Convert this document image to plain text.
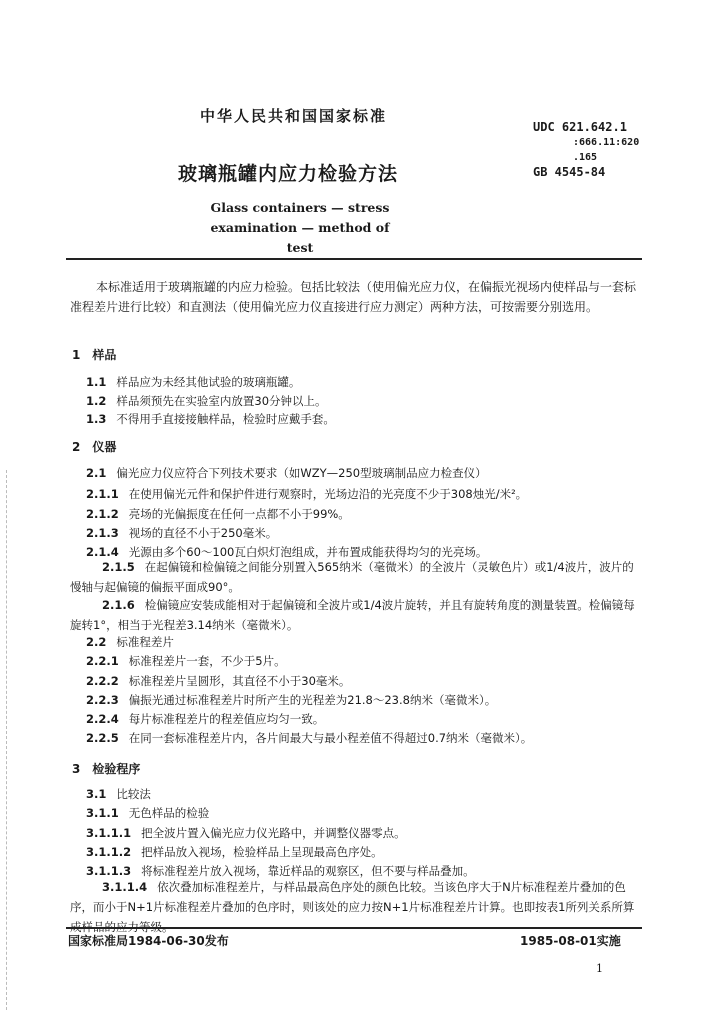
中华人民共和国国家标准
UDC 621.642.1
:666.11:620
.165
GB 4545-84
玻璃瓶罐内应力检验方法
Glass containers — stress
examination — method of test
本标准适用于玻璃瓶罐的内应力检验。包括比较法（使用偏光应力仪，在偏振光视场内使样品与一套标准程差片进行比较）和直测法（使用偏光应力仪直接进行应力测定）两种方法，可按需要分别选用。
1　样品
1.1 样品应为未经其他试验的玻璃瓶罐。
1.2 样品须预先在实验室内放置30分钟以上。
1.3 不得用手直接接触样品，检验时应戴手套。
2　仪器
2.1 偏光应力仪应符合下列技术要求（如WZY—250型玻璃制品应力检查仪）
2.1.1 在使用偏光元件和保护件进行观察时，光场边沿的光亮度不少于308烛光/米²。
2.1.2 亮场的光偏振度在任何一点都不小于99%。
2.1.3 视场的直径不小于250毫米。
2.1.4 光源由多个60～100瓦白炽灯泡组成，并布置成能获得均匀的光亮场。
2.1.5 在起偏镜和检偏镜之间能分别置入565纳米（毫微米）的全波片（灵敏色片）或1/4波片，波片的慢轴与起偏镜的偏振平面成90°。
2.1.6 检偏镜应安装成能相对于起偏镜和全波片或1/4波片旋转，并且有旋转角度的测量装置。检偏镜每旋转1°，相当于光程差3.14纳米（毫微米）。
2.2 标准程差片
2.2.1 标准程差片一套，不少于5片。
2.2.2 标准程差片呈圆形，其直径不小于30毫米。
2.2.3 偏振光通过标准程差片时所产生的光程差为21.8～23.8纳米（毫微米）。
2.2.4 每片标准程差片的程差值应均匀一致。
2.2.5 在同一套标准程差片内，各片间最大与最小程差值不得超过0.7纳米（毫微米）。
3　检验程序
3.1 比较法
3.1.1 无色样品的检验
3.1.1.1 把全波片置入偏光应力仪光路中，并调整仪器零点。
3.1.1.2 把样品放入视场，检验样品上呈现最高色序处。
3.1.1.3 将标准程差片放入视场，靠近样品的观察区，但不要与样品叠加。
3.1.1.4 依次叠加标准程差片，与样品最高色序处的颜色比较。当该色序大于N片标准程差片叠加的色序，而小于N+1片标准程差片叠加的色序时，则该处的应力按N+1片标准程差片计算。也即按表1所列关系所算成样品的应力等级。
国家标准局1984-06-30发布	1985-08-01实施
1
